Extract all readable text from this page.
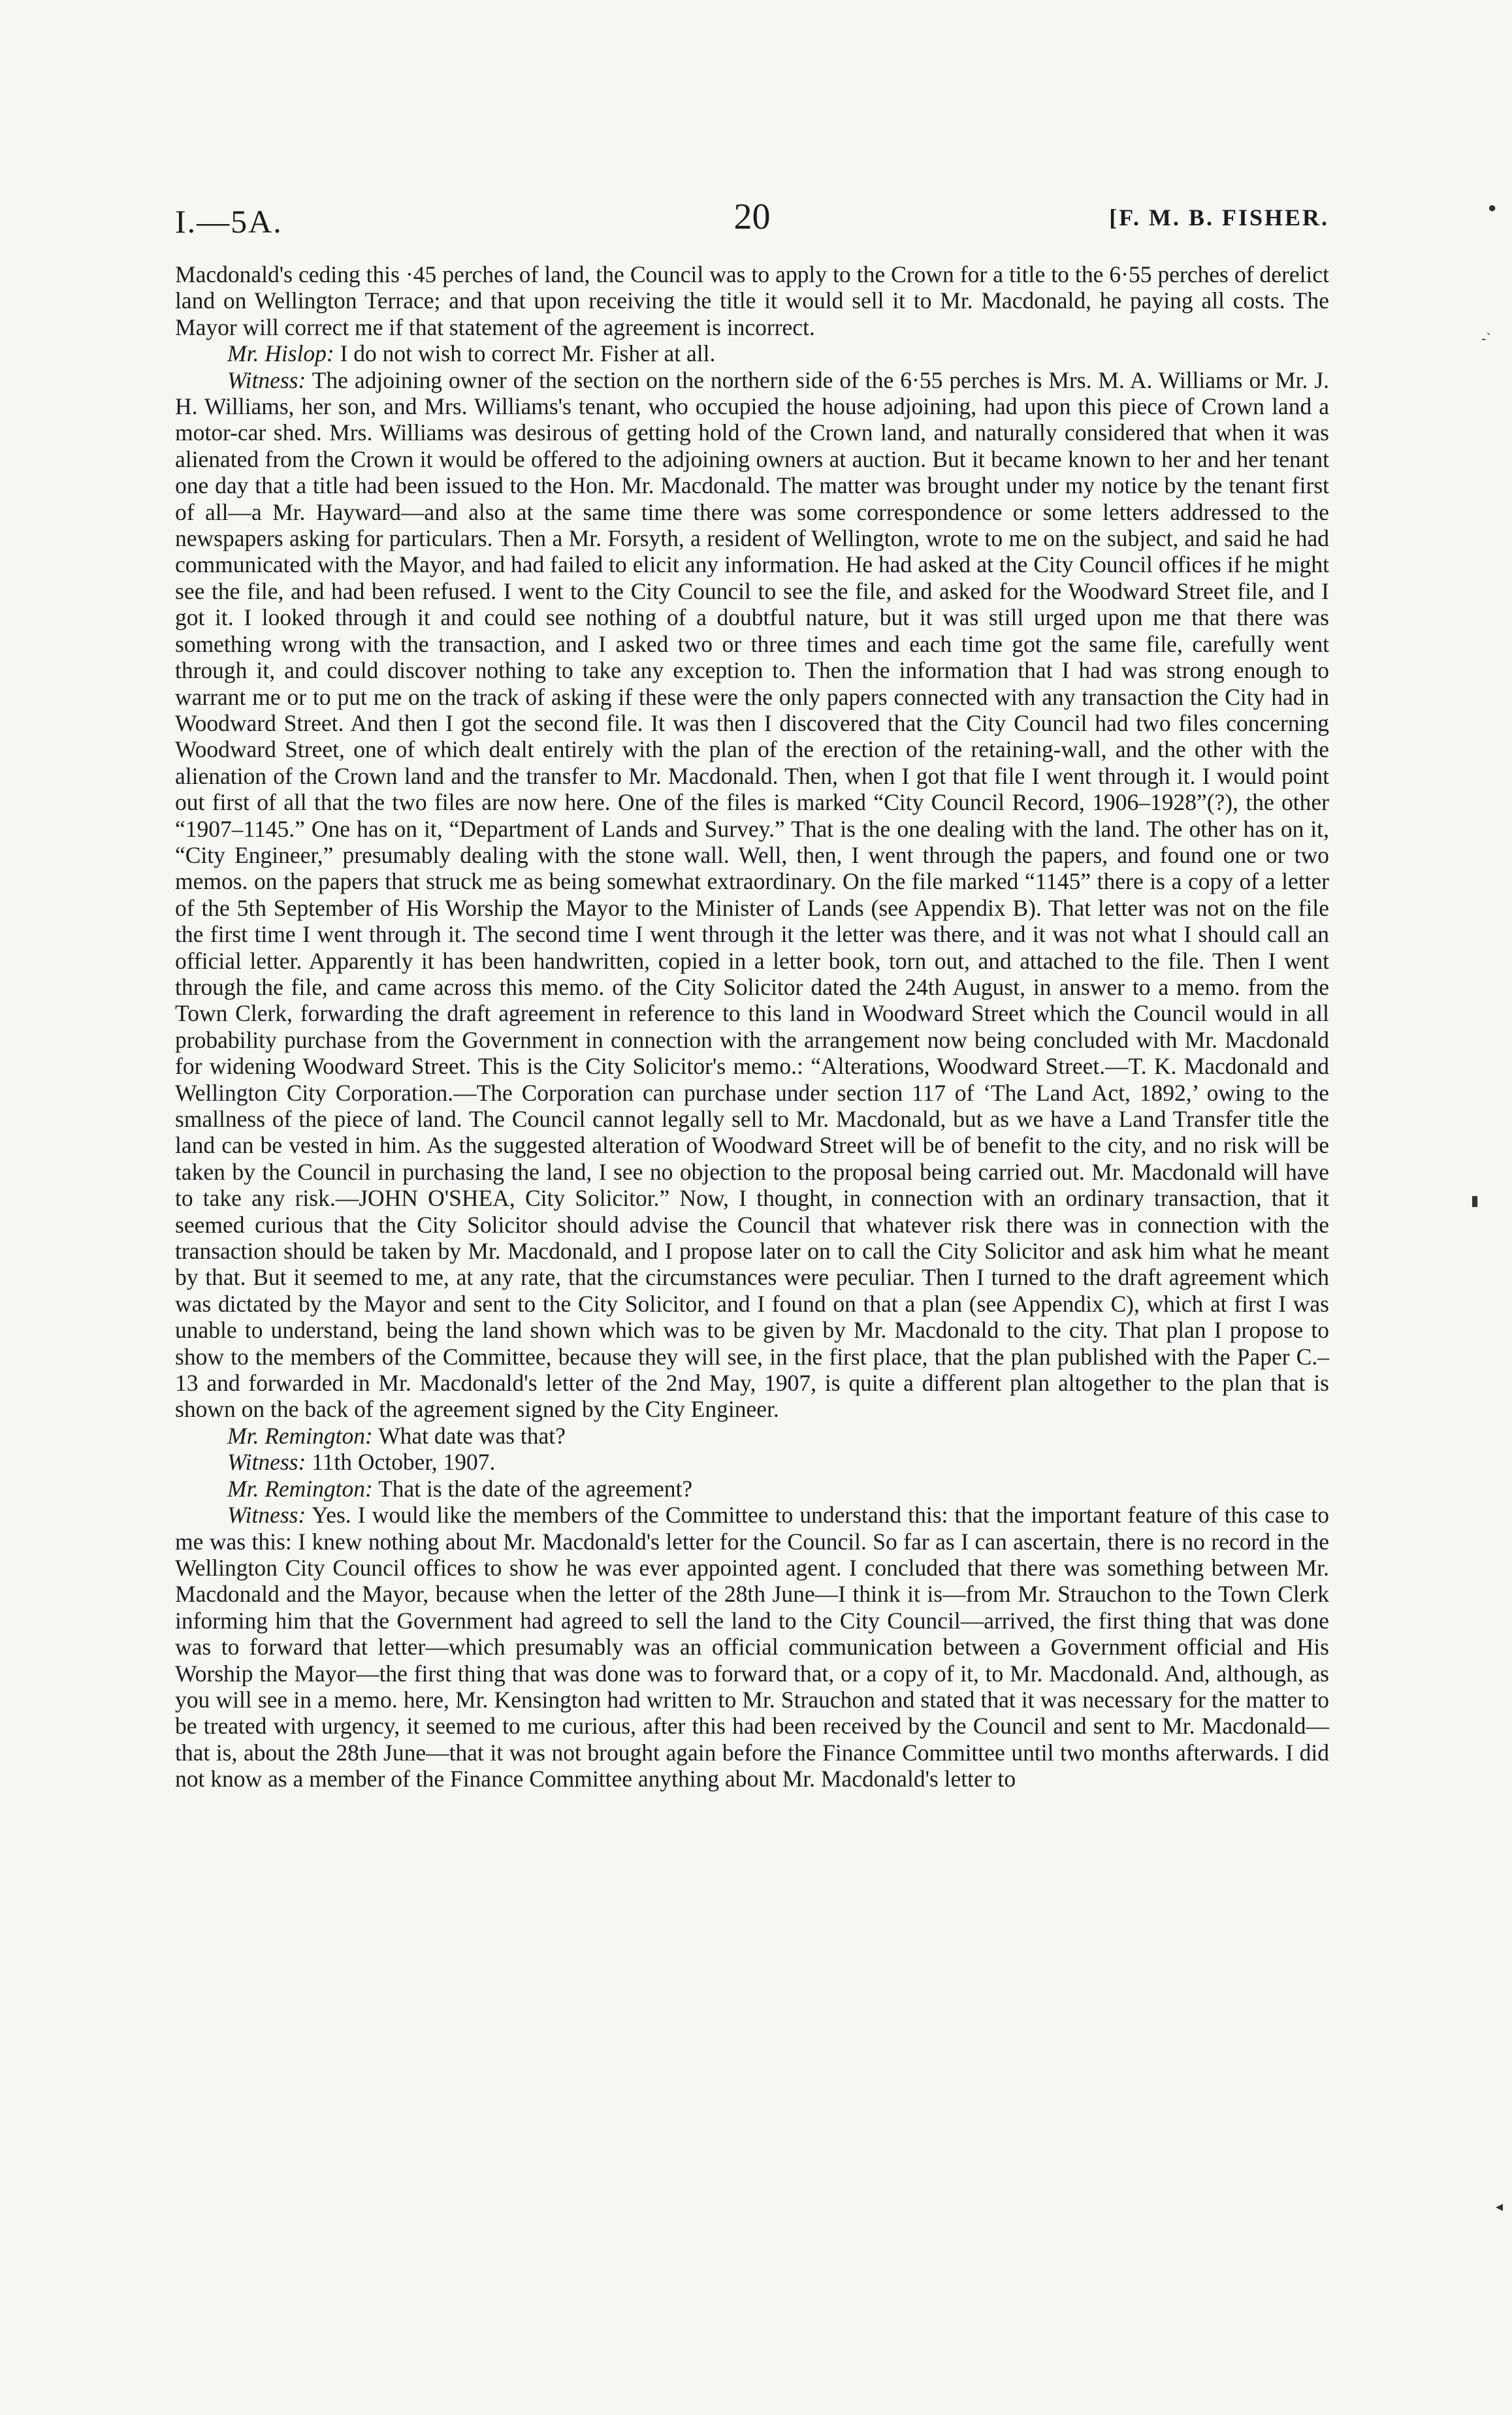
I.—5A.	20	[F. M. B. FISHER.

Macdonald's ceding this ·45 perches of land, the Council was to apply to the Crown for a title to the 6·55 perches of derelict land on Wellington Terrace; and that upon receiving the title it would sell it to Mr. Macdonald, he paying all costs. The Mayor will correct me if that statement of the agreement is incorrect.

Mr. Hislop: I do not wish to correct Mr. Fisher at all.

Witness: The adjoining owner of the section on the northern side of the 6·55 perches is Mrs. M. A. Williams or Mr. J. H. Williams, her son, and Mrs. Williams's tenant, who occupied the house adjoining, had upon this piece of Crown land a motor-car shed. Mrs. Williams was desirous of getting hold of the Crown land, and naturally considered that when it was alienated from the Crown it would be offered to the adjoining owners at auction. But it became known to her and her tenant one day that a title had been issued to the Hon. Mr. Macdonald. The matter was brought under my notice by the tenant first of all—a Mr. Hayward—and also at the same time there was some correspondence or some letters addressed to the newspapers asking for particulars. Then a Mr. Forsyth, a resident of Wellington, wrote to me on the subject, and said he had communicated with the Mayor, and had failed to elicit any information. He had asked at the City Council offices if he might see the file, and had been refused. I went to the City Council to see the file, and asked for the Woodward Street file, and I got it. I looked through it and could see nothing of a doubtful nature, but it was still urged upon me that there was something wrong with the transaction, and I asked two or three times and each time got the same file, carefully went through it, and could discover nothing to take any exception to. Then the information that I had was strong enough to warrant me or to put me on the track of asking if these were the only papers connected with any transaction the City had in Woodward Street. And then I got the second file. It was then I discovered that the City Council had two files concerning Woodward Street, one of which dealt entirely with the plan of the erection of the retaining-wall, and the other with the alienation of the Crown land and the transfer to Mr. Macdonald. Then, when I got that file I went through it. I would point out first of all that the two files are now here. One of the files is marked “City Council Record, 1906–1928”(?), the other “1907–1145.” One has on it, “Department of Lands and Survey.” That is the one dealing with the land. The other has on it, “City Engineer,” presumably dealing with the stone wall. Well, then, I went through the papers, and found one or two memos. on the papers that struck me as being somewhat extraordinary. On the file marked “1145” there is a copy of a letter of the 5th September of His Worship the Mayor to the Minister of Lands (see Appendix B). That letter was not on the file the first time I went through it. The second time I went through it the letter was there, and it was not what I should call an official letter. Apparently it has been handwritten, copied in a letter book, torn out, and attached to the file. Then I went through the file, and came across this memo. of the City Solicitor dated the 24th August, in answer to a memo. from the Town Clerk, forwarding the draft agreement in reference to this land in Woodward Street which the Council would in all probability purchase from the Government in connection with the arrangement now being concluded with Mr. Macdonald for widening Woodward Street. This is the City Solicitor's memo.: “Alterations, Woodward Street.—T. K. Macdonald and Wellington City Corporation.—The Corporation can purchase under section 117 of ‘The Land Act, 1892,’ owing to the smallness of the piece of land. The Council cannot legally sell to Mr. Macdonald, but as we have a Land Transfer title the land can be vested in him. As the suggested alteration of Woodward Street will be of benefit to the city, and no risk will be taken by the Council in purchasing the land, I see no objection to the proposal being carried out. Mr. Macdonald will have to take any risk.—JOHN O'SHEA, City Solicitor.” Now, I thought, in connection with an ordinary transaction, that it seemed curious that the City Solicitor should advise the Council that whatever risk there was in connection with the transaction should be taken by Mr. Macdonald, and I propose later on to call the City Solicitor and ask him what he meant by that. But it seemed to me, at any rate, that the circumstances were peculiar. Then I turned to the draft agreement which was dictated by the Mayor and sent to the City Solicitor, and I found on that a plan (see Appendix C), which at first I was unable to understand, being the land shown which was to be given by Mr. Macdonald to the city. That plan I propose to show to the members of the Committee, because they will see, in the first place, that the plan published with the Paper C.–13 and forwarded in Mr. Macdonald's letter of the 2nd May, 1907, is quite a different plan altogether to the plan that is shown on the back of the agreement signed by the City Engineer.

Mr. Remington: What date was that?

Witness: 11th October, 1907.

Mr. Remington: That is the date of the agreement?

Witness: Yes. I would like the members of the Committee to understand this: that the important feature of this case to me was this: I knew nothing about Mr. Macdonald's letter for the Council. So far as I can ascertain, there is no record in the Wellington City Council offices to show he was ever appointed agent. I concluded that there was something between Mr. Macdonald and the Mayor, because when the letter of the 28th June—I think it is—from Mr. Strauchon to the Town Clerk informing him that the Government had agreed to sell the land to the City Council—arrived, the first thing that was done was to forward that letter—which presumably was an official communication between a Government official and His Worship the Mayor—the first thing that was done was to forward that, or a copy of it, to Mr. Macdonald. And, although, as you will see in a memo. here, Mr. Kensington had written to Mr. Strauchon and stated that it was necessary for the matter to be treated with urgency, it seemed to me curious, after this had been received by the Council and sent to Mr. Macdonald—that is, about the 28th June—that it was not brought again before the Finance Committee until two months afterwards. I did not know as a member of the Finance Committee anything about Mr. Macdonald's letter to

●
-`
▮
◂
